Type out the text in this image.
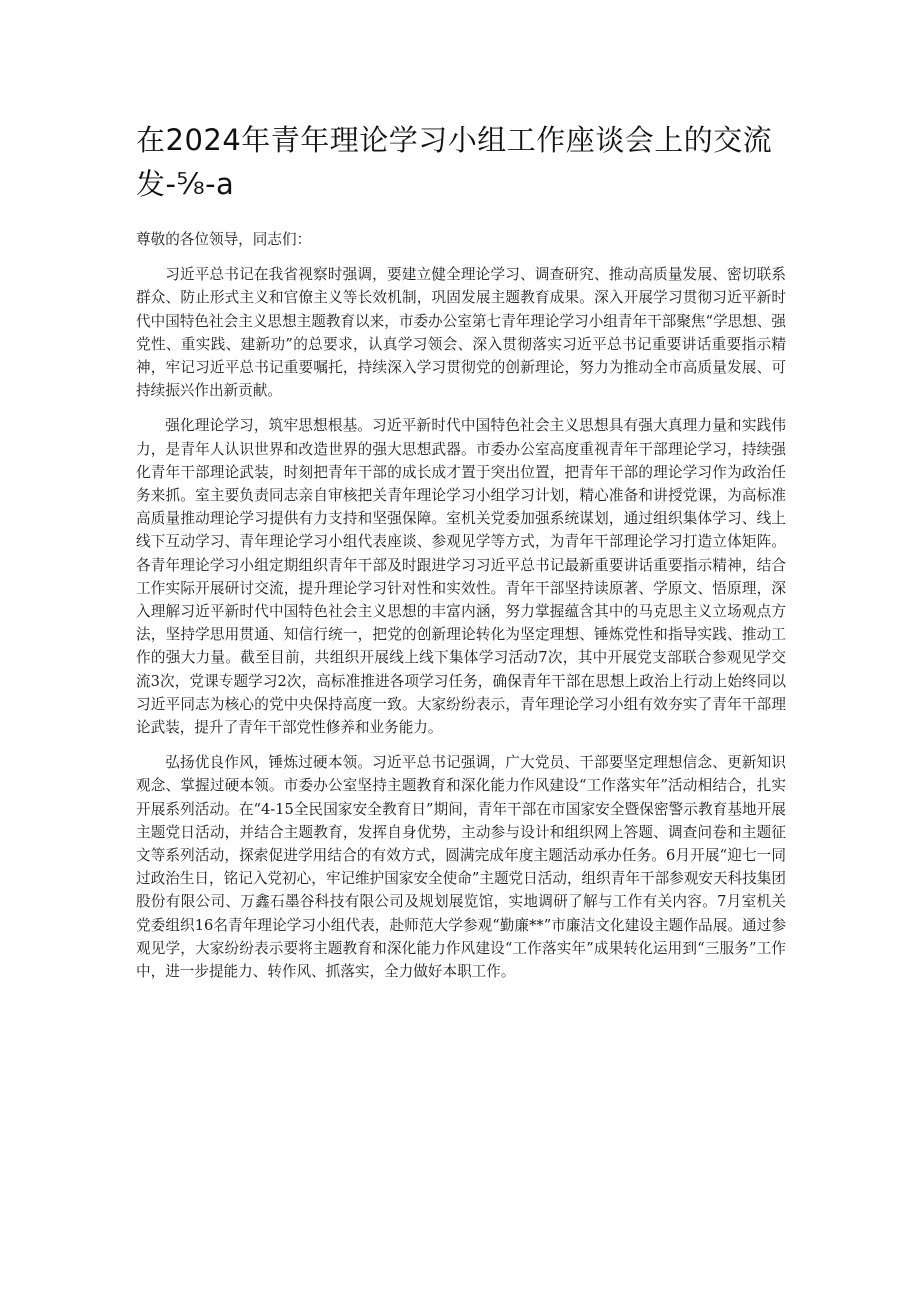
在2024年青年理论学习小组工作座谈会上的交流发-⅝-a

尊敬的各位领导，同志们：

习近平总书记在我省视察时强调，要建立健全理论学习、调查研究、推动高质量发展、密切联系群众、防止形式主义和官僚主义等长效机制，巩固发展主题教育成果。深入开展学习贯彻习近平新时代中国特色社会主义思想主题教育以来，市委办公室第七青年理论学习小组青年干部聚焦“学思想、强党性、重实践、建新功”的总要求，认真学习领会、深入贯彻落实习近平总书记重要讲话重要指示精神，牢记习近平总书记重要嘱托，持续深入学习贯彻党的创新理论，努力为推动全市高质量发展、可持续振兴作出新贡献。

强化理论学习，筑牢思想根基。习近平新时代中国特色社会主义思想具有强大真理力量和实践伟力，是青年人认识世界和改造世界的强大思想武器。市委办公室高度重视青年干部理论学习，持续强化青年干部理论武装，时刻把青年干部的成长成才置于突出位置，把青年干部的理论学习作为政治任务来抓。室主要负责同志亲自审核把关青年理论学习小组学习计划，精心准备和讲授党课，为高标准高质量推动理论学习提供有力支持和坚强保障。室机关党委加强系统谋划，通过组织集体学习、线上线下互动学习、青年理论学习小组代表座谈、参观见学等方式，为青年干部理论学习打造立体矩阵。各青年理论学习小组定期组织青年干部及时跟进学习习近平总书记最新重要讲话重要指示精神，结合工作实际开展研讨交流，提升理论学习针对性和实效性。青年干部坚持读原著、学原文、悟原理，深入理解习近平新时代中国特色社会主义思想的丰富内涵，努力掌握蕴含其中的马克思主义立场观点方法，坚持学思用贯通、知信行统一，把党的创新理论转化为坚定理想、锤炼党性和指导实践、推动工作的强大力量。截至目前，共组织开展线上线下集体学习活动7次，其中开展党支部联合参观见学交流3次，党课专题学习2次，高标准推进各项学习任务，确保青年干部在思想上政治上行动上始终同以习近平同志为核心的党中央保持高度一致。大家纷纷表示，青年理论学习小组有效夯实了青年干部理论武装，提升了青年干部党性修养和业务能力。

弘扬优良作风，锤炼过硬本领。习近平总书记强调，广大党员、干部要坚定理想信念、更新知识观念、掌握过硬本领。市委办公室坚持主题教育和深化能力作风建设“工作落实年”活动相结合，扎实开展系列活动。在“4-15全民国家安全教育日”期间，青年干部在市国家安全暨保密警示教育基地开展主题党日活动，并结合主题教育，发挥自身优势，主动参与设计和组织网上答题、调查问卷和主题征文等系列活动，探索促进学用结合的有效方式，圆满完成年度主题活动承办任务。6月开展“迎七一同过政治生日，铭记入党初心，牢记维护国家安全使命”主题党日活动，组织青年干部参观安天科技集团股份有限公司、万鑫石墨谷科技有限公司及规划展览馆，实地调研了解与工作有关内容。7月室机关党委组织16名青年理论学习小组代表，赴师范大学参观“勤廉**”市廉洁文化建设主题作品展。通过参观见学，大家纷纷表示要将主题教育和深化能力作风建设“工作落实年”成果转化运用到“三服务”工作中，进一步提能力、转作风、抓落实，全力做好本职工作。
